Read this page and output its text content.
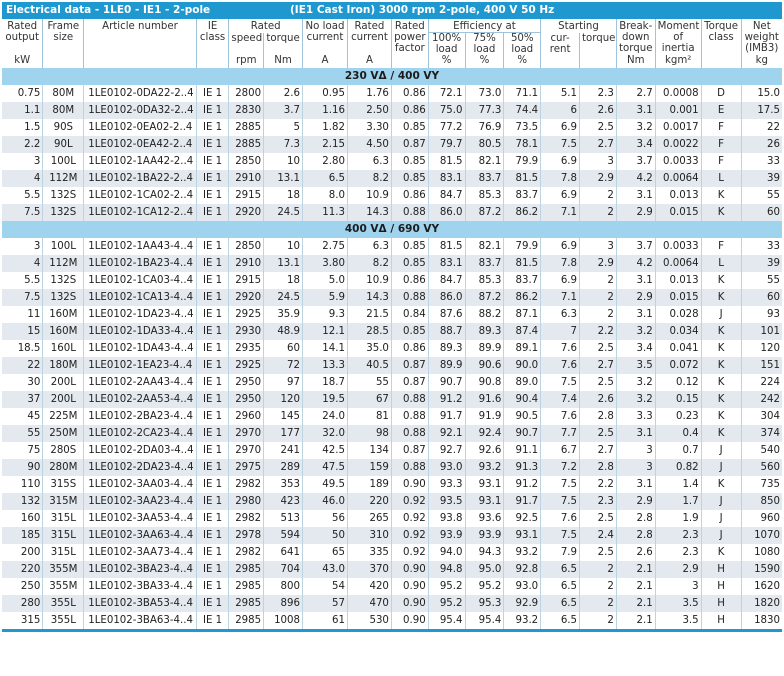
Electrical data - 1LE0 - IE1 - 2-pole	(IE1 Cast Iron) 3000 rpm 2-pole, 400 V 50 Hz
Rated output	Frame size	Article number	IE class	Rated		No load current	Rated current	Rated power factor	Efficiency at			Starting		Break- down torque	Moment of inertia	Torque class	Net weight (IMB3)
				speed	torque				100% load	75% load	50% load	cur- rent	torque				

kW				rpm	Nm	A	A		%	%	%			Nm	kgm²		kg
230 VΔ / 400 VY																	
0.75	80M	1LE0102-0DA22-2..4	IE 1	2800	2.6	0.95	1.76	0.86	72.1	73.0	71.1	5.1	2.3	2.7	0.0008	D	15.0
1.1	80M	1LE0102-0DA32-2..4	IE 1	2830	3.7	1.16	2.50	0.86	75.0	77.3	74.4	6	2.6	3.1	0.001	E	17.5
1.5	90S	1LE0102-0EA02-2..4	IE 1	2885	5	1.82	3.30	0.85	77.2	76.9	73.5	6.9	2.5	3.2	0.0017	F	22
2.2	90L	1LE0102-0EA42-2..4	IE 1	2885	7.3	2.15	4.50	0.87	79.7	80.5	78.1	7.5	2.7	3.4	0.0022	F	26
3	100L	1LE0102-1AA42-2..4	IE 1	2850	10	2.80	6.3	0.85	81.5	82.1	79.9	6.9	3	3.7	0.0033	F	33
4	112M	1LE0102-1BA22-2..4	IE 1	2910	13.1	6.5	8.2	0.85	83.1	83.7	81.5	7.8	2.9	4.2	0.0064	L	39
5.5	132S	1LE0102-1CA02-2..4	IE 1	2915	18	8.0	10.9	0.86	84.7	85.3	83.7	6.9	2	3.1	0.013	K	55
7.5	132S	1LE0102-1CA12-2..4	IE 1	2920	24.5	11.3	14.3	0.88	86.0	87.2	86.2	7.1	2	2.9	0.015	K	60
400 VΔ / 690 VY																	
3	100L	1LE0102-1AA43-4..4	IE 1	2850	10	2.75	6.3	0.85	81.5	82.1	79.9	6.9	3	3.7	0.0033	F	33
4	112M	1LE0102-1BA23-4..4	IE 1	2910	13.1	3.80	8.2	0.85	83.1	83.7	81.5	7.8	2.9	4.2	0.0064	L	39
5.5	132S	1LE0102-1CA03-4..4	IE 1	2915	18	5.0	10.9	0.86	84.7	85.3	83.7	6.9	2	3.1	0.013	K	55
7.5	132S	1LE0102-1CA13-4..4	IE 1	2920	24.5	5.9	14.3	0.88	86.0	87.2	86.2	7.1	2	2.9	0.015	K	60
11	160M	1LE0102-1DA23-4..4	IE 1	2925	35.9	9.3	21.5	0.84	87.6	88.2	87.1	6.3	2	3.1	0.028	J	93
15	160M	1LE0102-1DA33-4..4	IE 1	2930	48.9	12.1	28.5	0.85	88.7	89.3	87.4	7	2.2	3.2	0.034	K	101
18.5	160L	1LE0102-1DA43-4..4	IE 1	2935	60	14.1	35.0	0.86	89.3	89.9	89.1	7.6	2.5	3.4	0.041	K	120
22	180M	1LE0102-1EA23-4..4	IE 1	2925	72	13.3	40.5	0.87	89.9	90.6	90.0	7.6	2.7	3.5	0.072	K	151
30	200L	1LE0102-2AA43-4..4	IE 1	2950	97	18.7	55	0.87	90.7	90.8	89.0	7.5	2.5	3.2	0.12	K	224
37	200L	1LE0102-2AA53-4..4	IE 1	2950	120	19.5	67	0.88	91.2	91.6	90.4	7.4	2.6	3.2	0.15	K	242
45	225M	1LE0102-2BA23-4..4	IE 1	2960	145	24.0	81	0.88	91.7	91.9	90.5	7.6	2.8	3.3	0.23	K	304
55	250M	1LE0102-2CA23-4..4	IE 1	2970	177	32.0	98	0.88	92.1	92.4	90.7	7.7	2.5	3.1	0.4	K	374
75	280S	1LE0102-2DA03-4..4	IE 1	2970	241	42.5	134	0.87	92.7	92.6	91.1	6.7	2.7	3	0.7	J	540
90	280M	1LE0102-2DA23-4..4	IE 1	2975	289	47.5	159	0.88	93.0	93.2	91.3	7.2	2.8	3	0.82	J	560
110	315S	1LE0102-3AA03-4..4	IE 1	2982	353	49.5	189	0.90	93.3	93.1	91.2	7.5	2.2	3.1	1.4	K	735
132	315M	1LE0102-3AA23-4..4	IE 1	2980	423	46.0	220	0.92	93.5	93.1	91.7	7.5	2.3	2.9	1.7	J	850
160	315L	1LE0102-3AA53-4..4	IE 1	2982	513	56	265	0.92	93.8	93.6	92.5	7.6	2.5	2.8	1.9	J	960
185	315L	1LE0102-3AA63-4..4	IE 1	2978	594	50	310	0.92	93.9	93.9	93.1	7.5	2.4	2.8	2.3	J	1070
200	315L	1LE0102-3AA73-4..4	IE 1	2982	641	65	335	0.92	94.0	94.3	93.2	7.9	2.5	2.6	2.3	K	1080
220	355M	1LE0102-3BA23-4..4	IE 1	2985	704	43.0	370	0.90	94.8	95.0	92.8	6.5	2	2.1	2.9	H	1590
250	355M	1LE0102-3BA33-4..4	IE 1	2985	800	54	420	0.90	95.2	95.2	93.0	6.5	2	2.1	3	H	1620
280	355L	1LE0102-3BA53-4..4	IE 1	2985	896	57	470	0.90	95.2	95.3	92.9	6.5	2	2.1	3.5	H	1820
315	355L	1LE0102-3BA63-4..4	IE 1	2985	1008	61	530	0.90	95.4	95.4	93.2	6.5	2	2.1	3.5	H	1830
